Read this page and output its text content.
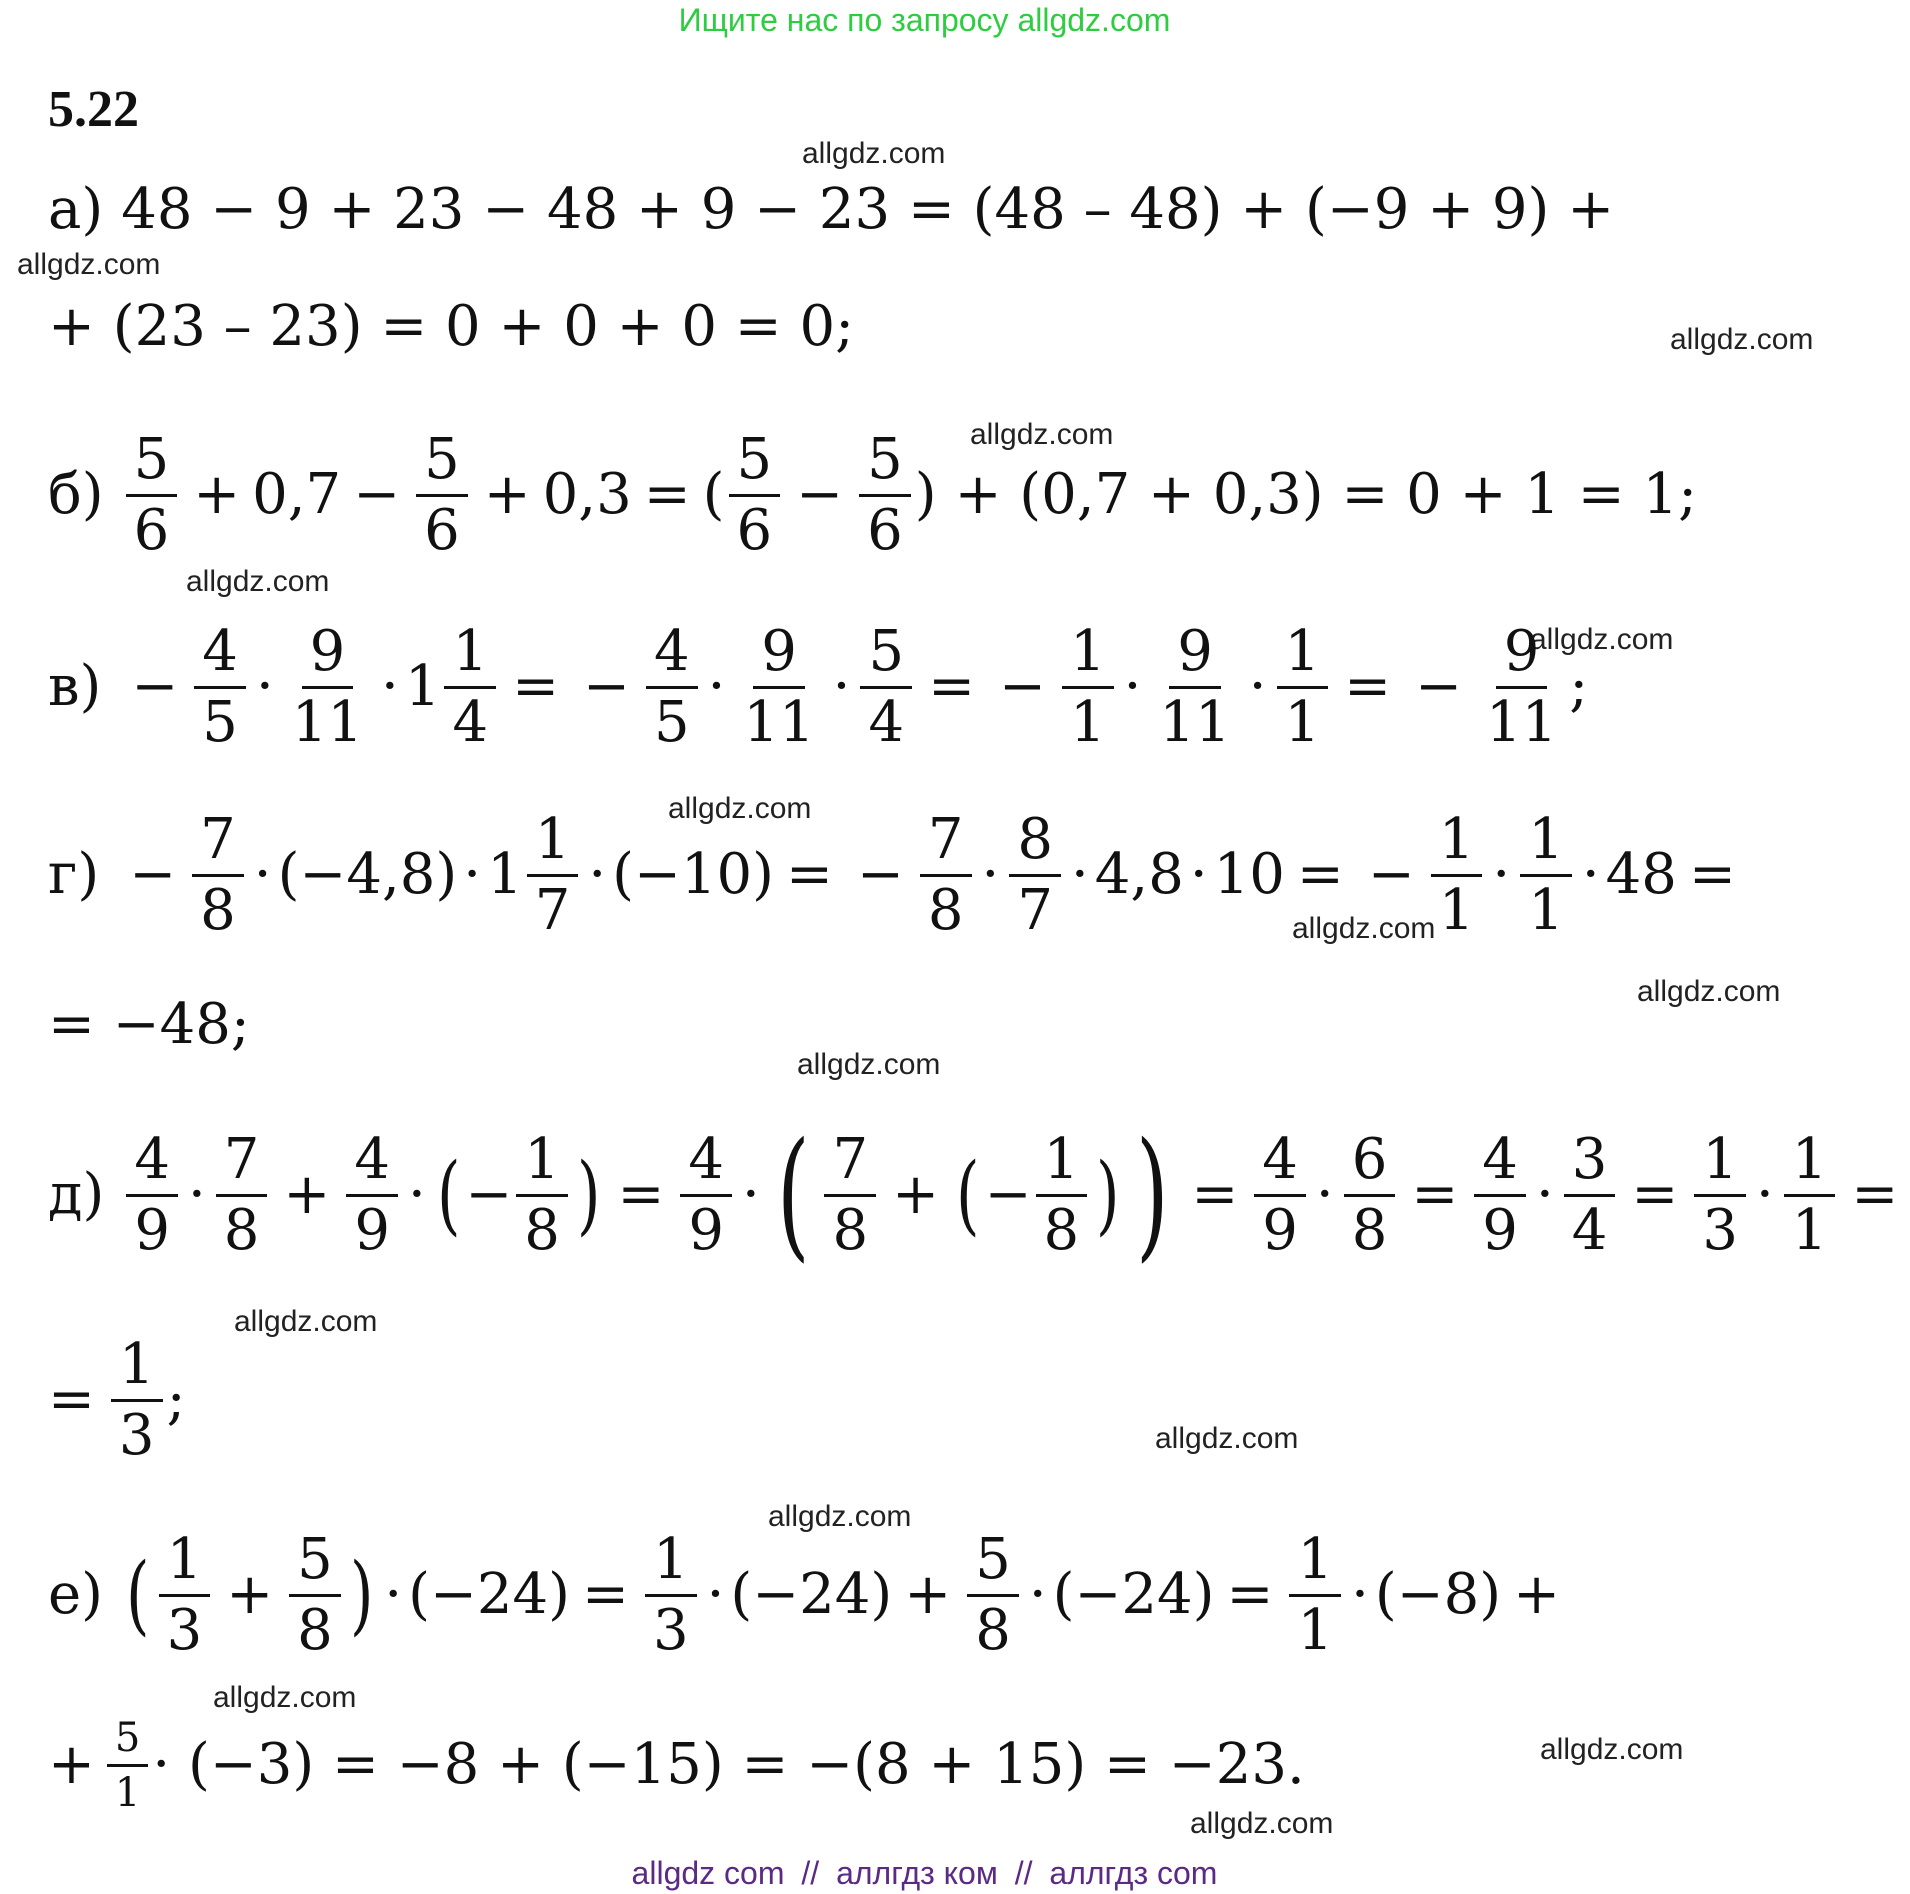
Ищите нас по запросу allgdz.com
5.22
allgdz.com
allgdz.com
allgdz.com
allgdz.com
allgdz.com
allgdz.com
allgdz.com
allgdz.com
allgdz.com
allgdz.com
allgdz.com
allgdz.com
allgdz.com
allgdz.com
allgdz.com
allgdz.com
а) 48 − 9 + 23 − 48 + 9 − 23 = (48 – 48) + (−9 + 9) +
+ (23 – 23) = 0 + 0 + 0 = 0;
$б) \frac{5}{6} + 0,7 - \frac{5}{6} + 0,3$ = ( $\frac{5}{6} - \frac{5}{6}$ ) + (0,7 + 0,3) = 0 + 1 = 1;
$в) - \frac{4}{5} \cdot \frac{9}{11} \cdot 1 \frac{1}{4}$ = − $\frac{4}{5} \cdot \frac{9}{11} \cdot \frac{5}{4}$ = − $\frac{1}{1} \cdot \frac{9}{11} \cdot \frac{1}{1}$ = − $\frac{9}{11}$ ;
$г) - \frac{7}{8} \cdot (-4,8) \cdot 1 \frac{1}{7} \cdot (-10)$ = − $\frac{7}{8} \cdot \frac{8}{7} \cdot 4,8 \cdot 10$ = − $\frac{1}{1} \cdot \frac{1}{1} \cdot 48$ =
= −48;
$д) \frac{4}{9} \cdot \frac{7}{8} + \frac{4}{9}$ · ( − $\frac{1}{8}$ ) = $\frac{4}{9}$ · ( $\frac{7}{8}$ + ( − $\frac{1}{8}$ ) ) = $\frac{4}{9} \cdot \frac{6}{8} = \frac{4}{9} \cdot \frac{3}{4} = \frac{1}{3} \cdot \frac{1}{1}$ =
= $\frac{1}{3}$ ;
е) ( $\frac{1}{3} + \frac{5}{8}$ ) · $(-24) = \frac{1}{3} \cdot (-24) + \frac{5}{8} \cdot (-24) = \frac{1}{1} \cdot (-8)$ +
+ $\frac{5}{1} \cdot (-3) = -8 + (-15) = -(8 + 15) = -23$.
allgdz com // аллгдз ком // аллгдз com
